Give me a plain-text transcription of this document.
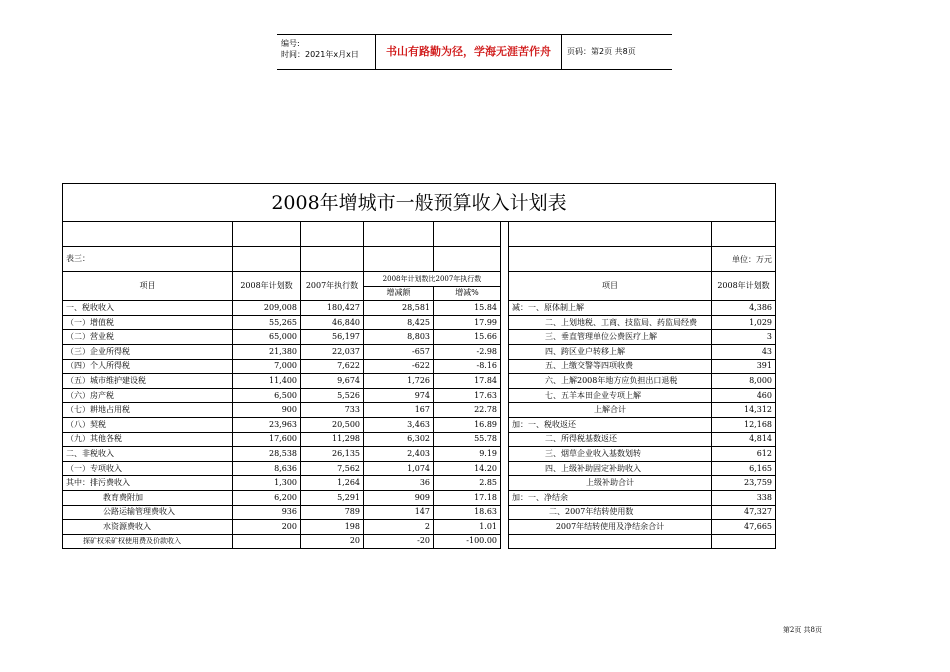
编号:
时间：2021年x月x日	书山有路勤为径，学海无涯苦作舟	页码：第2页 共8页
2008年增城市一般预算收入计划表							

表三：							单位：万元
项目	2008年计划数	2007年执行数	2008年计划数比2007年执行数			项目	2008年计划数
			增减额	增减%			
一、税收收入	209,008	180,427	28,581	15.84		减：一、原体制上解	4,386
（一）增值税	55,265	46,840	8,425	17.99		二、上划地税、工商、技监局、药监局经费	1,029
（二）营业税	65,000	56,197	8,803	15.66		三、垂直管理单位公费医疗上解	3
（三）企业所得税	21,380	22,037	-657	-2.98		四、跨区业户转移上解	43
（四）个人所得税	7,000	7,622	-622	-8.16		五、上缴交警等四项收费	391
（五）城市维护建设税	11,400	9,674	1,726	17.84		六、上解2008年地方应负担出口退税	8,000
（六）房产税	6,500	5,526	974	17.63		七、五羊本田企业专项上解	460
（七）耕地占用税	900	733	167	22.78		上解合计	14,312
（八）契税	23,963	20,500	3,463	16.89		加：一、税收返还	12,168
（九）其他各税	17,600	11,298	6,302	55.78		二、所得税基数返还	4,814
二、非税收入	28,538	26,135	2,403	9.19		三、烟草企业收入基数划转	612
（一）专项收入	8,636	7,562	1,074	14.20		四、上级补助固定补助收入	6,165
其中：排污费收入	1,300	1,264	36	2.85		上级补助合计	23,759
教育费附加	6,200	5,291	909	17.18		加：一、净结余	338
公路运输管理费收入	936	789	147	18.63		二、2007年结转使用数	47,327
水资源费收入	200	198	2	1.01		2007年结转使用及净结余合计	47,665
探矿权采矿权使用费及价款收入		20	-20	-100.00			
第2页 共8页
